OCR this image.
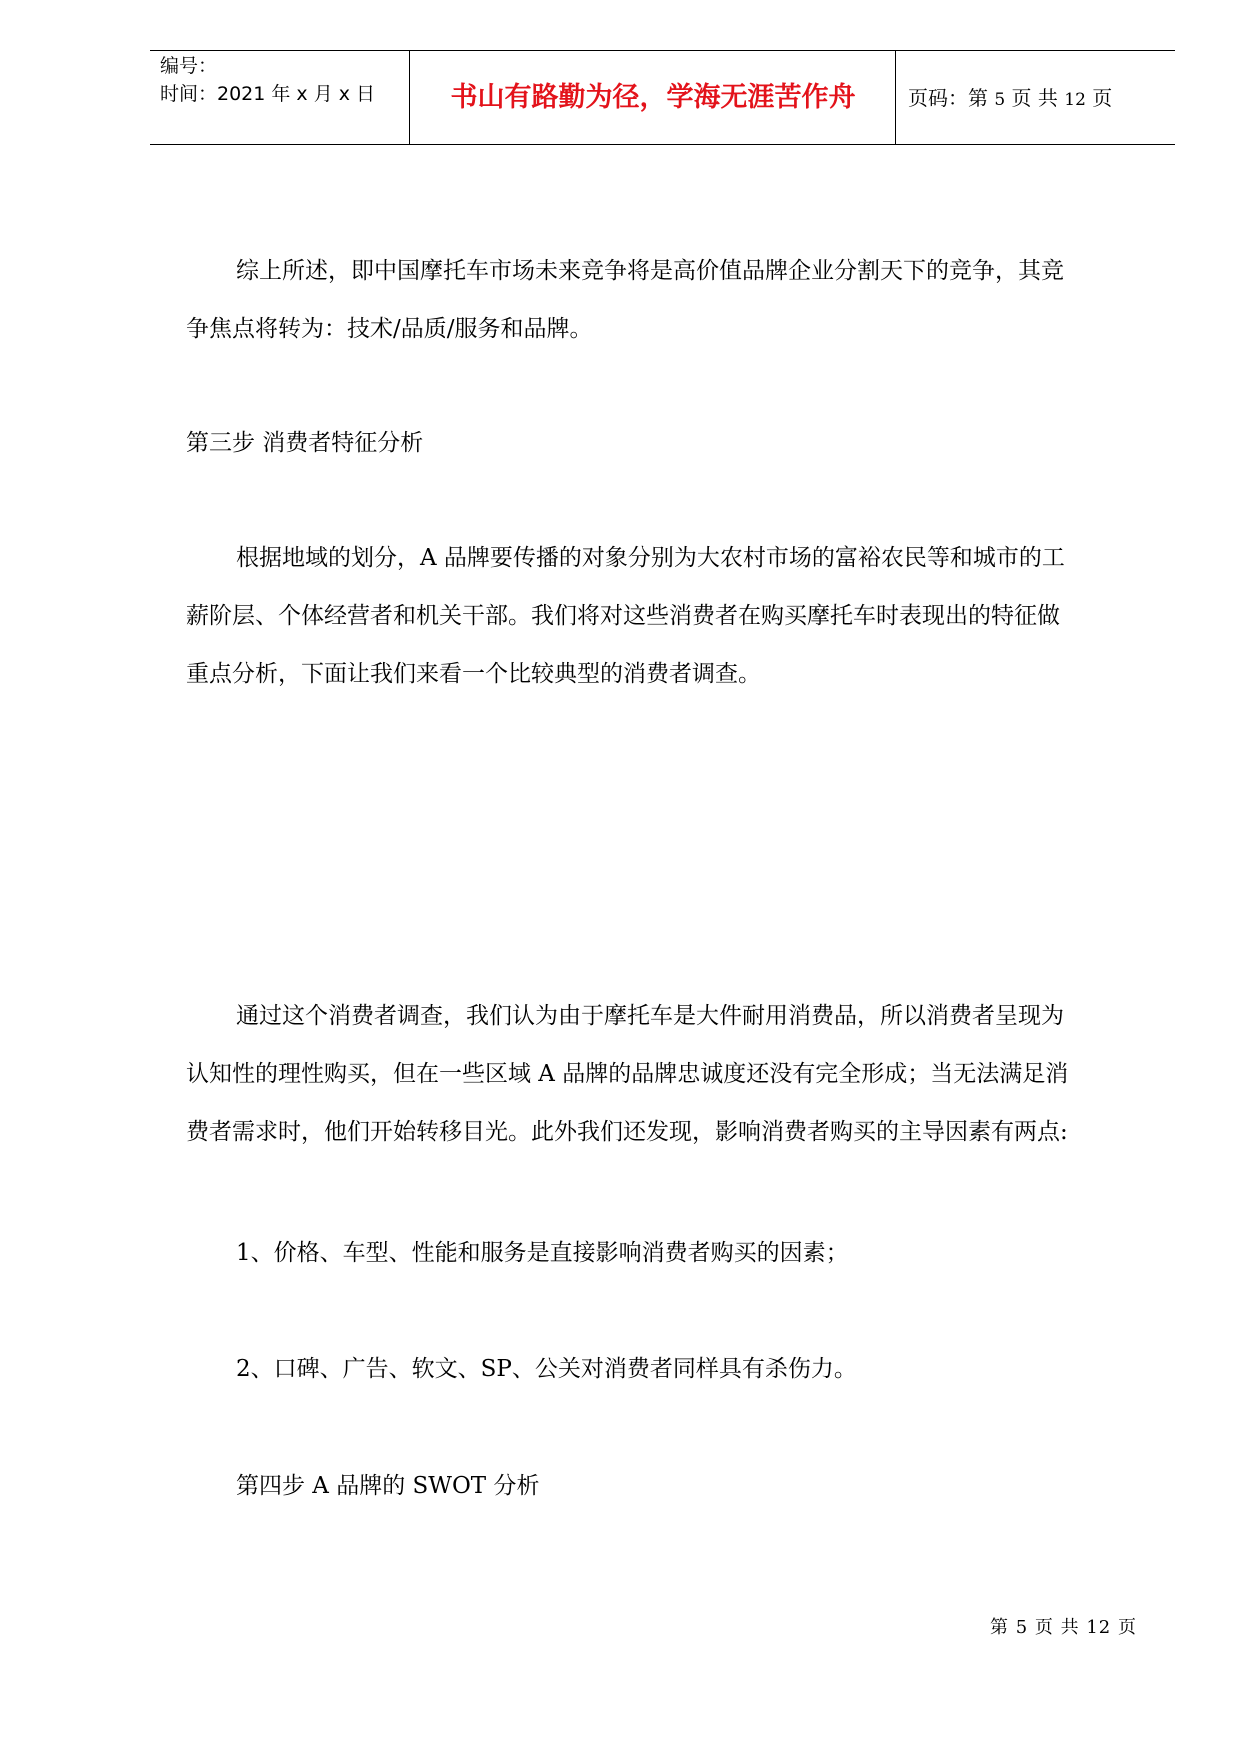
编号：
时间：2021 年 x 月 x 日	书山有路勤为径，学海无涯苦作舟	页码：第 5 页 共 12 页
综上所述，即中国摩托车市场未来竞争将是高价值品牌企业分割天下的竞争，其竞
争焦点将转为：技术/品质/服务和品牌。
第三步 消费者特征分析
根据地域的划分，A 品牌要传播的对象分别为大农村市场的富裕农民等和城市的工
薪阶层、个体经营者和机关干部。我们将对这些消费者在购买摩托车时表现出的特征做
重点分析，下面让我们来看一个比较典型的消费者调查。
通过这个消费者调查，我们认为由于摩托车是大件耐用消费品，所以消费者呈现为
认知性的理性购买，但在一些区域 A 品牌的品牌忠诚度还没有完全形成；当无法满足消
费者需求时，他们开始转移目光。此外我们还发现，影响消费者购买的主导因素有两点:
1、价格、车型、性能和服务是直接影响消费者购买的因素；
2、口碑、广告、软文、SP、公关对消费者同样具有杀伤力。
第四步 A 品牌的 SWOT 分析
第 5 页 共 12 页
